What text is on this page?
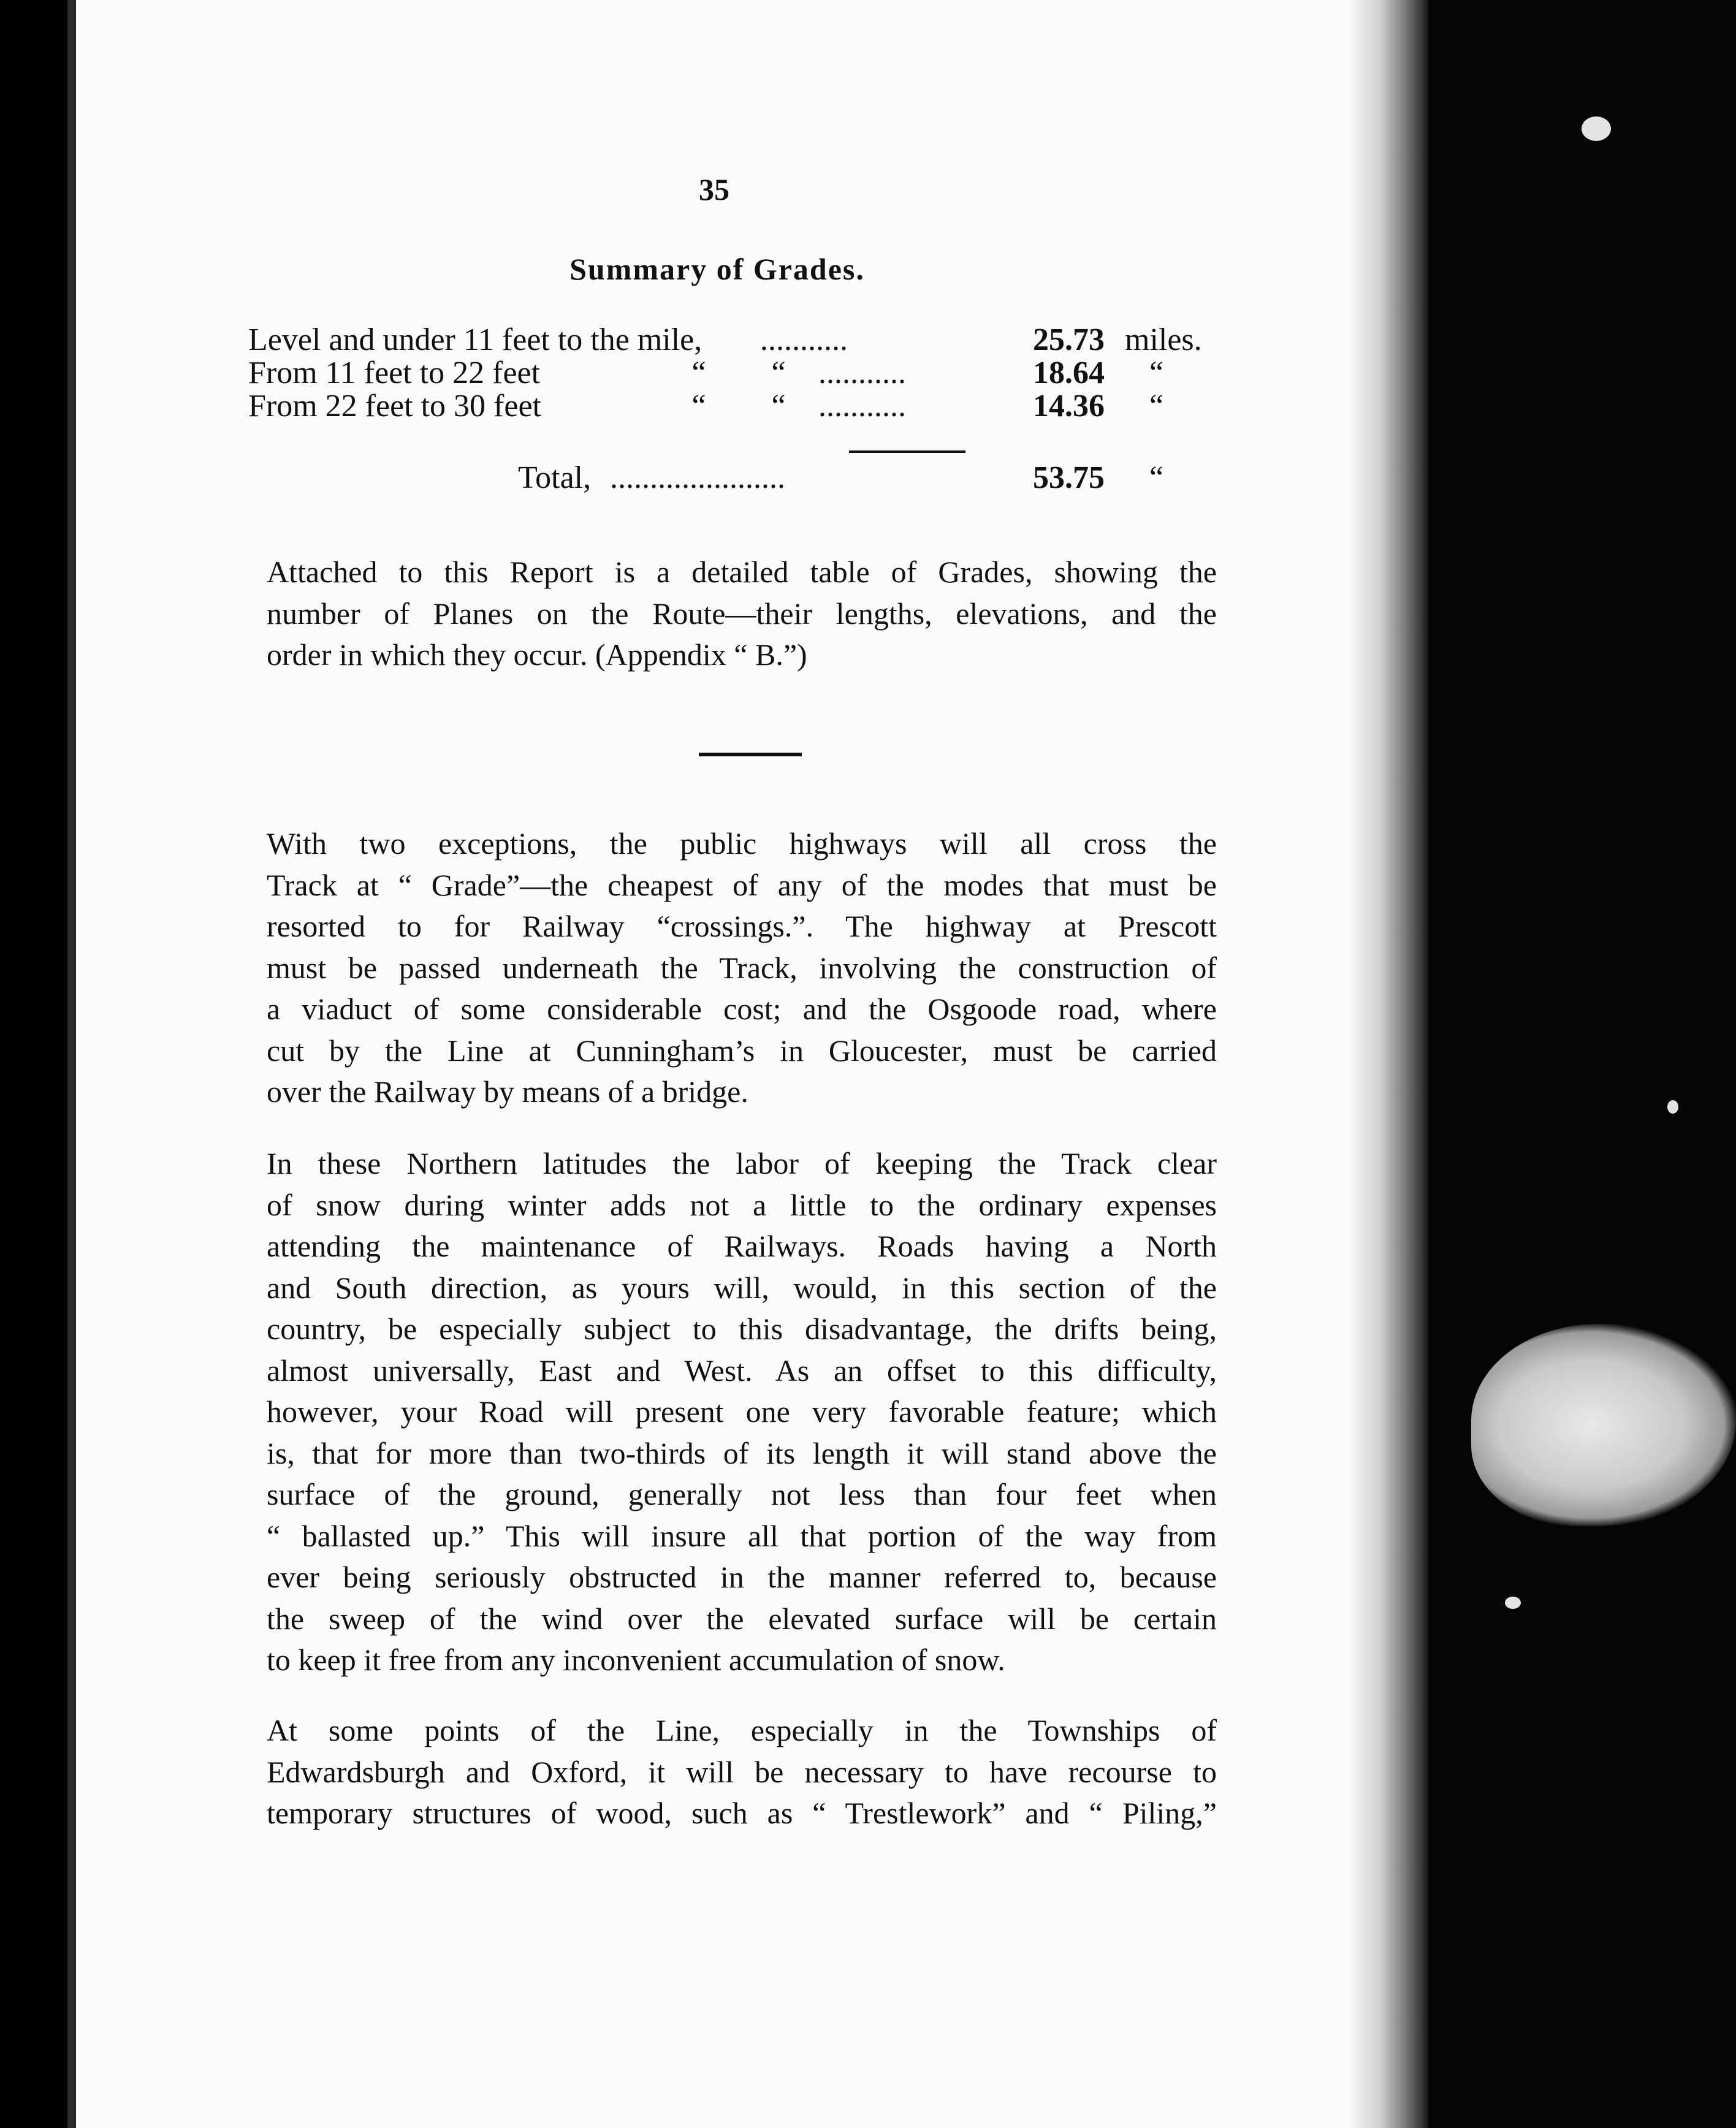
35
Summary of Grades.
Level and under 11 feet to the mile, ...........	25.73 miles.
From 11 feet to 22 feet	“	“	...........	18.64	“
From 22 feet to 30 feet	“	“	...........	14.36	“
Total, ......................	53.75	“
Attached to this Report is a detailed table of Grades, showing the
number of Planes on the Route—their lengths, elevations, and the
order in which they occur. (Appendix “ B.”)
With two exceptions, the public highways will all cross the
Track at “ Grade”—the cheapest of any of the modes that must be
resorted to for Railway “crossings.”. The highway at Prescott
must be passed underneath the Track, involving the construction of
a viaduct of some considerable cost; and the Osgoode road, where
cut by the Line at Cunningham’s in Gloucester, must be carried
over the Railway by means of a bridge.
In these Northern latitudes the labor of keeping the Track clear
of snow during winter adds not a little to the ordinary expenses
attending the maintenance of Railways. Roads having a North
and South direction, as yours will, would, in this section of the
country, be especially subject to this disadvantage, the drifts being,
almost universally, East and West. As an offset to this difficulty,
however, your Road will present one very favorable feature; which
is, that for more than two-thirds of its length it will stand above the
surface of the ground, generally not less than four feet when
“ ballasted up.” This will insure all that portion of the way from
ever being seriously obstructed in the manner referred to, because
the sweep of the wind over the elevated surface will be certain
to keep it free from any inconvenient accumulation of snow.
At some points of the Line, especially in the Townships of
Edwardsburgh and Oxford, it will be necessary to have recourse to
temporary structures of wood, such as “ Trestlework” and “ Piling,”
